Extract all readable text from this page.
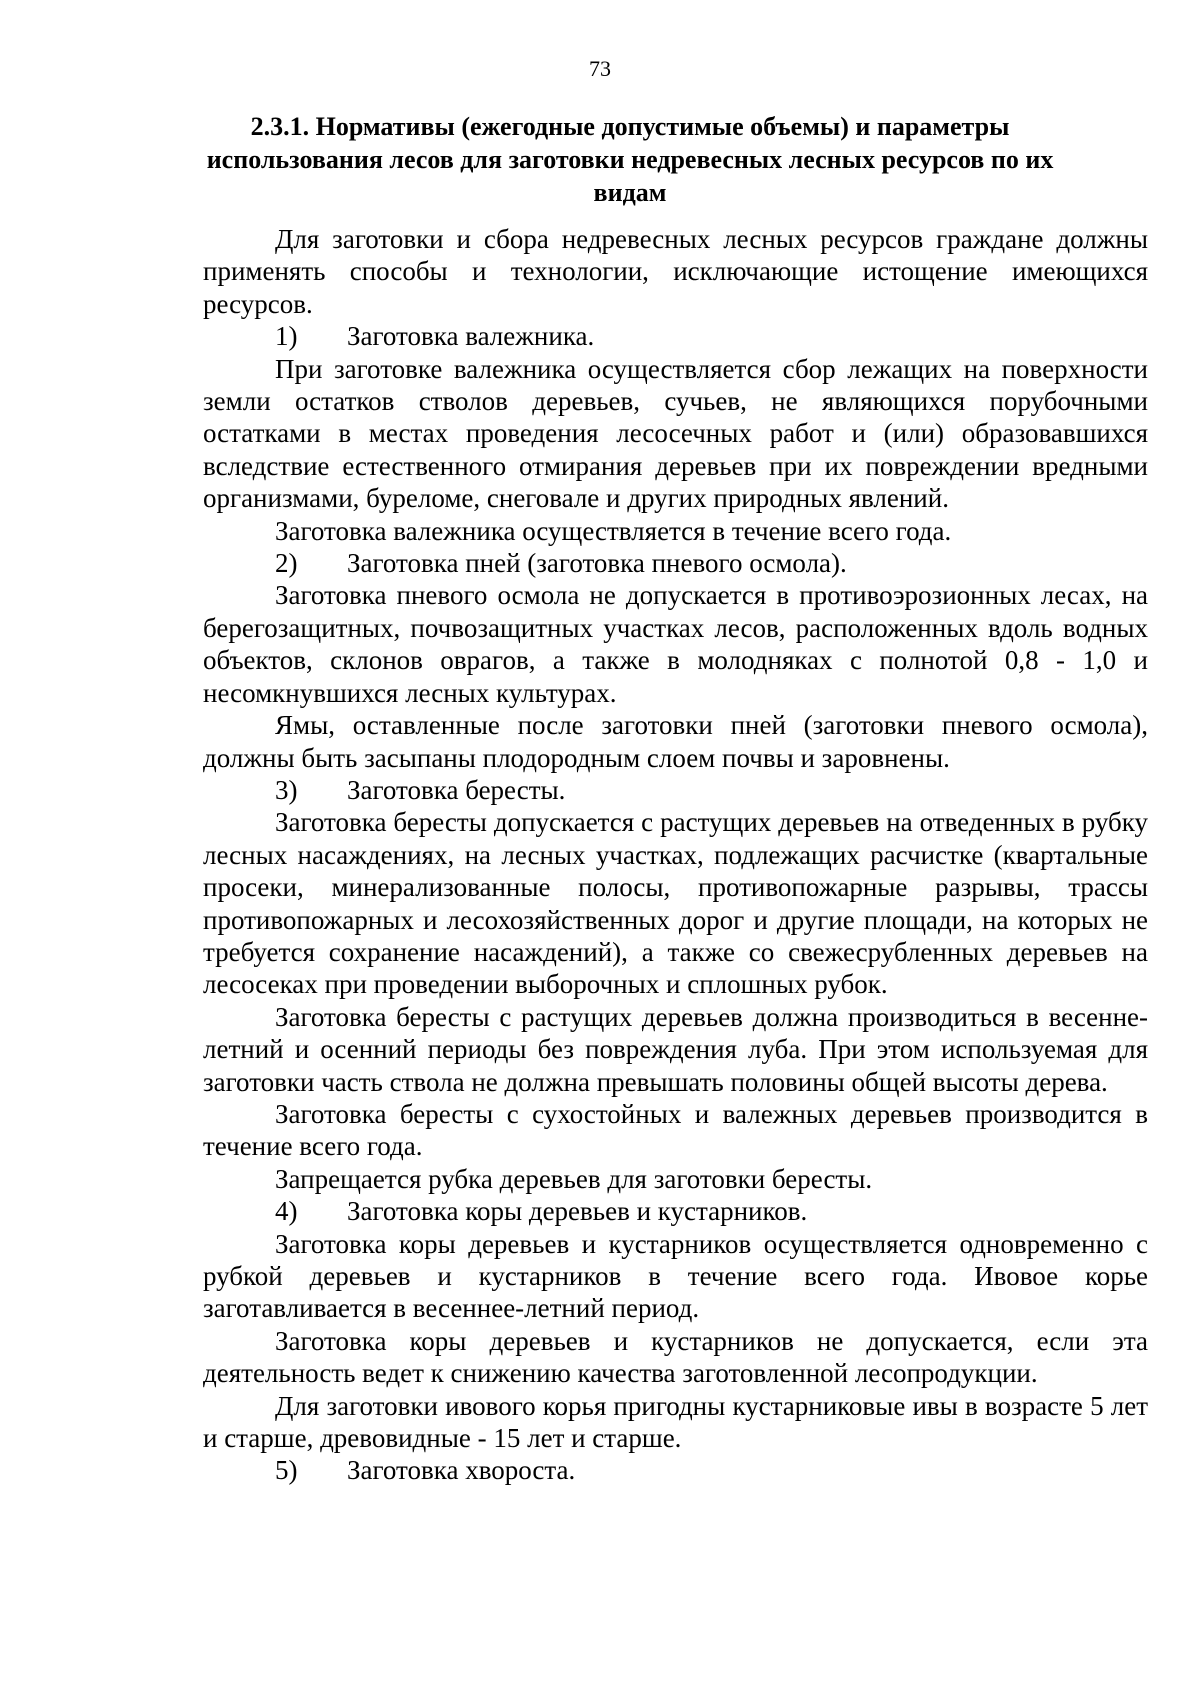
73
2.3.1. Нормативы (ежегодные допустимые объемы) и параметры использования лесов для заготовки недревесных лесных ресурсов по их видам

Для заготовки и сбора недревесных лесных ресурсов граждане должны применять способы и технологии, исключающие истощение имеющихся ресурсов.

1) Заготовка валежника.

При заготовке валежника осуществляется сбор лежащих на поверхности земли остатков стволов деревьев, сучьев, не являющихся порубочными остатками в местах проведения лесосечных работ и (или) образовавшихся вследствие естественного отмирания деревьев при их повреждении вредными организмами, буреломе, снеговале и других природных явлений.

Заготовка валежника осуществляется в течение всего года.

2) Заготовка пней (заготовка пневого осмола).

Заготовка пневого осмола не допускается в противоэрозионных лесах, на берегозащитных, почвозащитных участках лесов, расположенных вдоль водных объектов, склонов оврагов, а также в молодняках с полнотой 0,8 - 1,0 и несомкнувшихся лесных культурах.

Ямы, оставленные после заготовки пней (заготовки пневого осмола), должны быть засыпаны плодородным слоем почвы и заровнены.

3) Заготовка бересты.

Заготовка бересты допускается с растущих деревьев на отведенных в рубку лесных насаждениях, на лесных участках, подлежащих расчистке (квартальные просеки, минерализованные полосы, противопожарные разрывы, трассы противопожарных и лесохозяйственных дорог и другие площади, на которых не требуется сохранение насаждений), а также со свежесрубленных деревьев на лесосеках при проведении выборочных и сплошных рубок.

Заготовка бересты с растущих деревьев должна производиться в весенне-летний и осенний периоды без повреждения луба. При этом используемая для заготовки часть ствола не должна превышать половины общей высоты дерева.

Заготовка бересты с сухостойных и валежных деревьев производится в течение всего года.

Запрещается рубка деревьев для заготовки бересты.

4) Заготовка коры деревьев и кустарников.

Заготовка коры деревьев и кустарников осуществляется одновременно с рубкой деревьев и кустарников в течение всего года. Ивовое корье заготавливается в весеннее-летний период.

Заготовка коры деревьев и кустарников не допускается, если эта деятельность ведет к снижению качества заготовленной лесопродукции.

Для заготовки ивового корья пригодны кустарниковые ивы в возрасте 5 лет и старше, древовидные - 15 лет и старше.

5) Заготовка хвороста.
